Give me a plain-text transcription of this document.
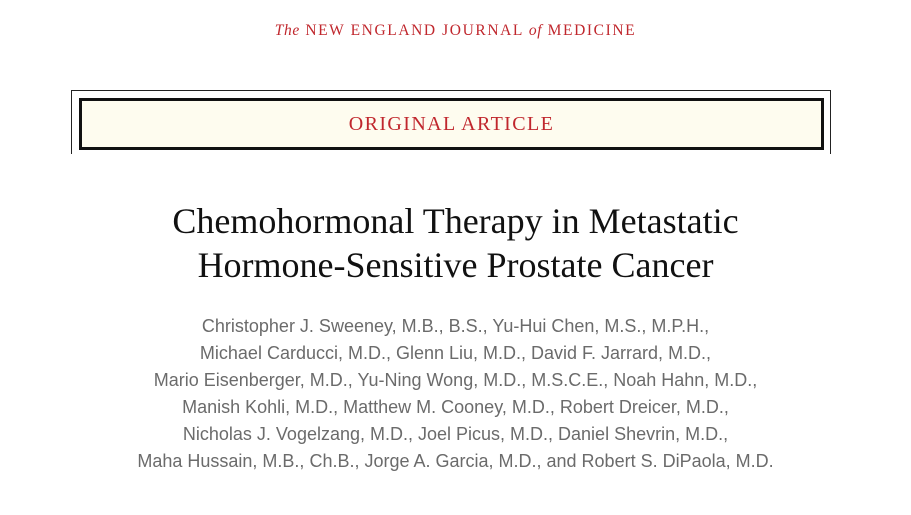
The NEW ENGLAND JOURNAL of MEDICINE
ORIGINAL ARTICLE
Chemohormonal Therapy in Metastatic
Hormone-Sensitive Prostate Cancer
Christopher J. Sweeney, M.B., B.S., Yu-Hui Chen, M.S., M.P.H.,
Michael Carducci, M.D., Glenn Liu, M.D., David F. Jarrard, M.D.,
Mario Eisenberger, M.D., Yu-Ning Wong, M.D., M.S.C.E., Noah Hahn, M.D.,
Manish Kohli, M.D., Matthew M. Cooney, M.D., Robert Dreicer, M.D.,
Nicholas J. Vogelzang, M.D., Joel Picus, M.D., Daniel Shevrin, M.D.,
Maha Hussain, M.B., Ch.B., Jorge A. Garcia, M.D., and Robert S. DiPaola, M.D.
